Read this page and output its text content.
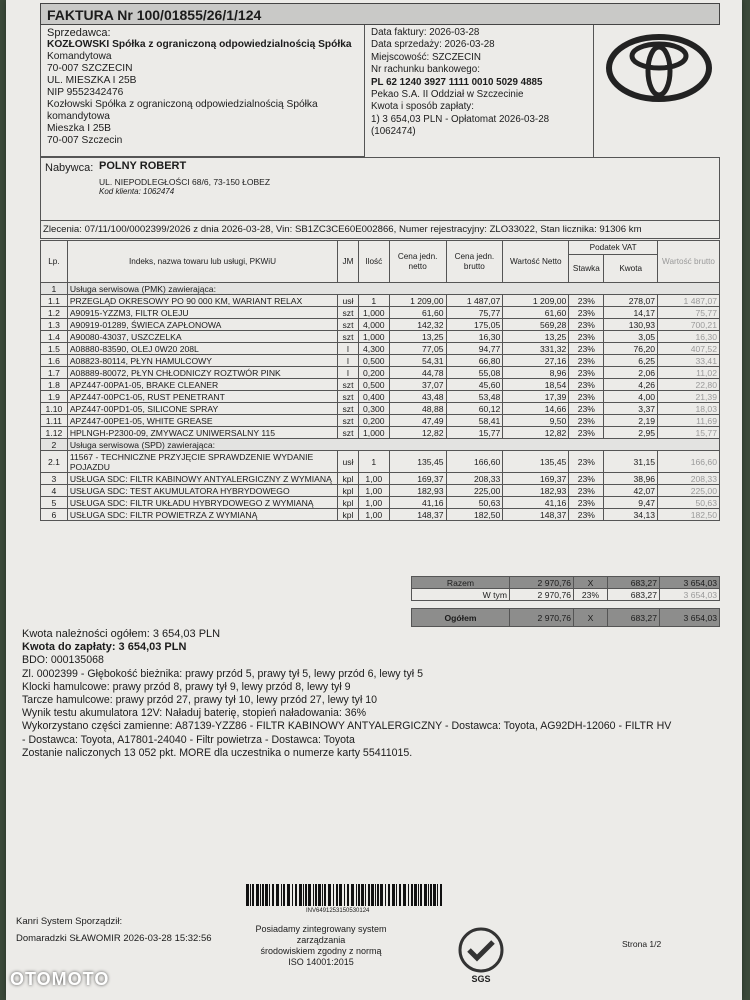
FAKTURA Nr 100/01855/26/1/124
Sprzedawca:
KOZŁOWSKI Spółka z ograniczoną odpowiedzialnością Spółka
Komandytowa
70-007 SZCZECIN
UL. MIESZKA I 25B
NIP 9552342476
Kozłowski Spółka z ograniczoną odpowiedzialnością Spółka
komandytowa
Mieszka I 25B
70-007 Szczecin
Data faktury: 2026-03-28
Data sprzedaży: 2026-03-28
Miejscowość: SZCZECIN
Nr rachunku bankowego:
PL 62 1240 3927 1111 0010 5029 4885
Pekao S.A. II Oddział w Szczecinie
Kwota i sposób zapłaty:
1) 3 654,03 PLN - Opłatomat 2026-03-28 (1062474)
Nabywca: POLNY ROBERT
UL. NIEPODLEGŁOŚCI 68/6, 73-150 ŁOBEZ
Kod klienta: 1062474
Zlecenia: 07/11/100/0002399/2026 z dnia 2026-03-28, Vin: SB1ZC3CE60E002866, Numer rejestracyjny: ZLO33022, Stan licznika: 91306 km
Lp.	Indeks, nazwa towaru lub usługi, PKWiU	JM	Ilość	Cena jedn. netto	Cena jedn. brutto	Wartość Netto	Podatek VAT		Wartość brutto
							Stawka	Kwota	
1	Usługa serwisowa (PMK) zawierająca:								
1.1	PRZEGLĄD OKRESOWY PO 90 000 KM, WARIANT RELAX	usł	1	1 209,00	1 487,07	1 209,00	23%	278,07	1 487,07
1.2	A90915-YZZM3, FILTR OLEJU	szt	1,000	61,60	75,77	61,60	23%	14,17	75,77
1.3	A90919-01289, ŚWIECA ZAPŁONOWA	szt	4,000	142,32	175,05	569,28	23%	130,93	700,21
1.4	A90080-43037, USZCZELKA	szt	1,000	13,25	16,30	13,25	23%	3,05	16,30
1.5	A08880-83590, OLEJ 0W20 208L	l	4,300	77,05	94,77	331,32	23%	76,20	407,52
1.6	A08823-80114, PŁYN HAMULCOWY	l	0,500	54,31	66,80	27,16	23%	6,25	33,41
1.7	A08889-80072, PŁYN CHŁODNICZY ROZTWÓR PINK	l	0,200	44,78	55,08	8,96	23%	2,06	11,02
1.8	APZ447-00PA1-05, BRAKE CLEANER	szt	0,500	37,07	45,60	18,54	23%	4,26	22,80
1.9	APZ447-00PC1-05, RUST PENETRANT	szt	0,400	43,48	53,48	17,39	23%	4,00	21,39
1.10	APZ447-00PD1-05, SILICONE SPRAY	szt	0,300	48,88	60,12	14,66	23%	3,37	18,03
1.11	APZ447-00PE1-05, WHITE GREASE	szt	0,200	47,49	58,41	9,50	23%	2,19	11,69
1.12	HPLNGH-P2300-09, ZMYWACZ UNIWERSALNY 115	szt	1,000	12,82	15,77	12,82	23%	2,95	15,77
2	Usługa serwisowa (SPD) zawierająca:								
2.1	11567 - TECHNICZNE PRZYJĘCIE SPRAWDZENIE WYDANIE POJAZDU	usł	1	135,45	166,60	135,45	23%	31,15	166,60
3	USŁUGA SDC: FILTR KABINOWY ANTYALERGICZNY Z WYMIANĄ	kpl	1,00	169,37	208,33	169,37	23%	38,96	208,33
4	USŁUGA SDC: TEST AKUMULATORA HYBRYDOWEGO	kpl	1,00	182,93	225,00	182,93	23%	42,07	225,00
5	USŁUGA SDC: FILTR UKŁADU HYBRYDOWEGO Z WYMIANĄ	kpl	1,00	41,16	50,63	41,16	23%	9,47	50,63
6	USŁUGA SDC: FILTR POWIETRZA Z WYMIANĄ	kpl	1,00	148,37	182,50	148,37	23%	34,13	182,50
Razem	2 970,76	X	683,27	3 654,03
W tym	2 970,76	23%	683,27	3 654,03
Ogółem	2 970,76	X	683,27	3 654,03
Kwota należności ogółem: 3 654,03 PLN
Kwota do zapłaty: 3 654,03 PLN
BDO: 000135068
Zl. 0002399 - Głębokość bieżnika: prawy przód 5, prawy tył 5, lewy przód 6, lewy tył 5
Klocki hamulcowe: prawy przód 8, prawy tył 9, lewy przód 8, lewy tył 9
Tarcze hamulcowe: prawy przód 27, prawy tył 10, lewy przód 27, lewy tył 10
Wynik testu akumulatora 12V: Naładuj baterię, stopień naładowania: 36%
Wykorzystano części zamienne: A87139-YZZ86 - FILTR KABINOWY ANTYALERGICZNY - Dostawca: Toyota, AG92DH-12060 - FILTR HV
- Dostawca: Toyota, A17801-24040 - Filtr powietrza - Dostawca: Toyota
Zostanie naliczonych 13 052 pkt. MORE dla uczestnika o numerze karty 55411015.
INV6491253150530124
Kanri System Sporządził:
Domaradzki SŁAWOMIR 2026-03-28 15:32:56
Posiadamy zintegrowany system zarządzania
środowiskiem zgodny z normą
ISO 14001:2015
SGS
Strona 1/2
OTOMOTO
